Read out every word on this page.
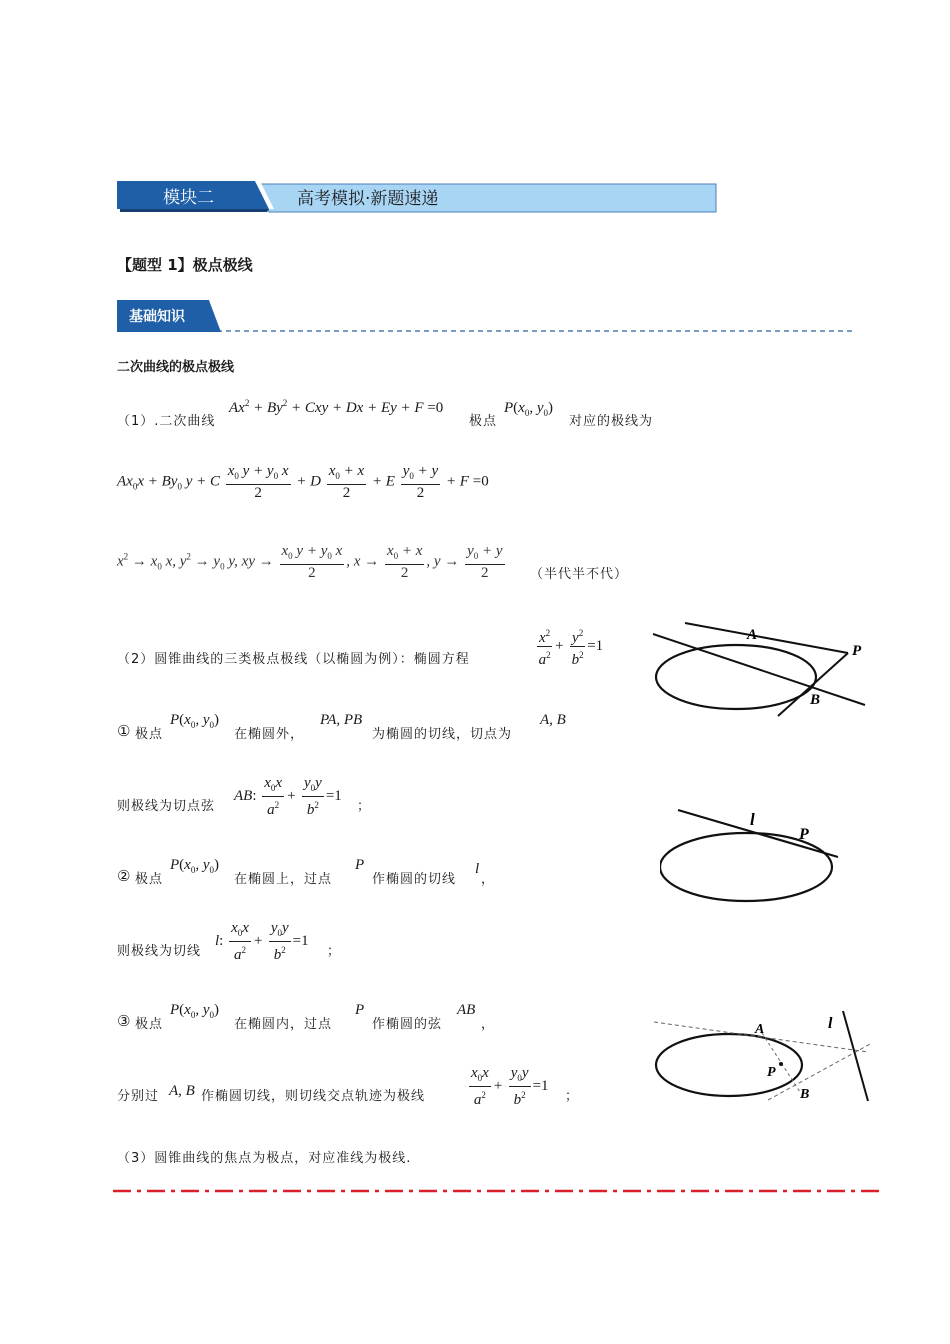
模块二	高考模拟·新题速递
【题型 1】极点极线
基础知识
二次曲线的极点极线
（1）.二次曲线
$Ax^2 + By^2$ + Cxy + Dx + Ey + F =0
极点
$P(x_0$, $y_0$)
对应的极线为
$Ax_0x + By_0$ y + C $\frac{x_0 y + y_0 x}{2} + D \frac{x_0 + x}{2} + E \frac{y_0 + y}{2} + F =0$
$x^2 \to x_0$ x, $y^2 \to y_0$ y, xy → $\frac{x_0 y + y_0 x}{2}$ , $x \to \frac{x_0 + x}{2}$ , $y \to \frac{y_0 + y}{2}$ （半代半不代）
（2）圆锥曲线的三类极点极线（以椭圆为例）：椭圆方程	$\frac{x^2}{a^2} + \frac{y^2}{b^2} =1$
A
P
B
① 极点
$P(x_0$, $y_0$)
在椭圆外，
PA, PB
为椭圆的切线，切点为
A, B
则极线为切点弦
AB: $\frac{x_0x}{a^2} + \frac{y_0y}{b^2} =1$
；
l
P
② 极点
$P(x_0$, $y_0$)
在椭圆上，过点
P
作椭圆的切线
l
，
则极线为切线
l: $\frac{x_0x}{a^2} + \frac{y_0y}{b^2} =1$
；
③ 极点
$P(x_0$, $y_0$)
在椭圆内，过点
P
作椭圆的弦
AB
，
分别过 A, B 作椭圆切线，则切线交点轨迹为极线	$\frac{x_0x}{a^2} + \frac{y_0y}{b^2} =1$
；
A
P
B
l
（3）圆锥曲线的焦点为极点，对应准线为极线.
